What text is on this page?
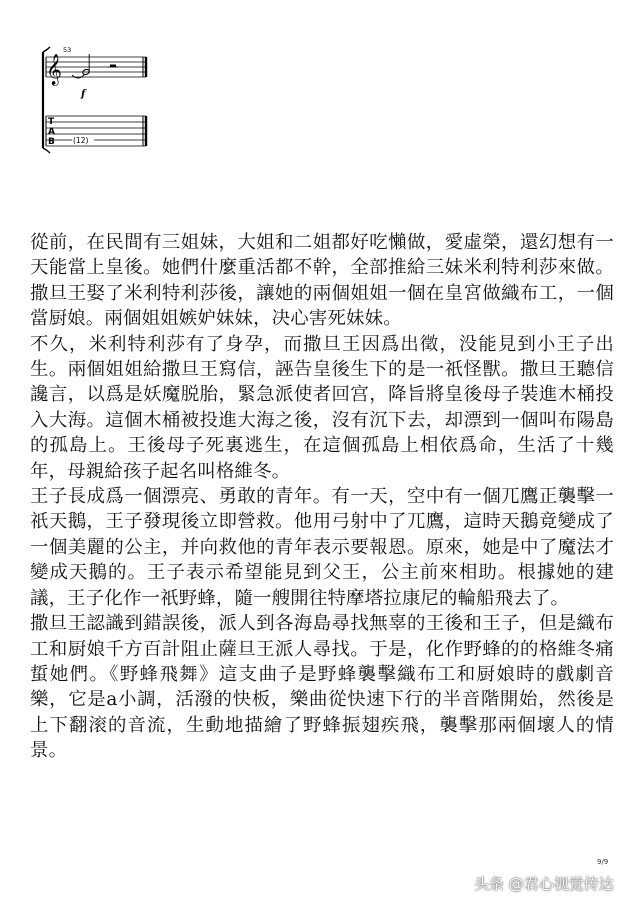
𝄞
53
f
T
A
B (12)

從前，在民間有三姐妹，大姐和二姐都好吃懶做，愛虛榮，還幻想有一天能當上皇後。她們什麼重活都不幹，全部推給三妹米利特利莎來做。撒旦王娶了米利特利莎後，讓她的兩個姐姐一個在皇宮做織布工，一個當厨娘。兩個姐姐嫉妒妹妹，决心害死妹妹。

不久，米利特利莎有了身孕，而撒旦王因爲出徵，没能見到小王子出生。兩個姐姐給撒旦王寫信，誣告皇後生下的是一祇怪獸。撒旦王聽信讒言，以爲是妖魔脱胎，緊急派使者回宫，降旨將皇後母子裝進木桶投入大海。這個木桶被投進大海之後，沒有沉下去，却漂到一個叫布陽島的孤島上。王後母子死裏逃生，在這個孤島上相依爲命，生活了十幾年，母親給孩子起名叫格維冬。

王子長成爲一個漂亮、勇敢的青年。有一天，空中有一個兀鷹正襲擊一祇天鵝，王子發現後立即營救。他用弓射中了兀鷹，這時天鵝竟變成了一個美麗的公主，并向救他的青年表示要報恩。原來，她是中了魔法才變成天鵝的。王子表示希望能見到父王，公主前來相助。根據她的建議，王子化作一祇野蜂，隨一艘開往特摩塔拉康尼的輪船飛去了。

撒旦王認識到錯誤後，派人到各海島尋找無辜的王後和王子，但是織布工和厨娘千方百計阻止薩旦王派人尋找。于是，化作野蜂的的格維冬痛蜇她們。《野蜂飛舞》這支曲子是野蜂襲擊織布工和厨娘時的戲劇音樂，它是a小調，活潑的快板，樂曲從快速下行的半音階開始，然後是上下翻滚的音流，生動地描繪了野蜂振翅疾飛，襲擊那兩個壞人的情景。

9/9
头条 @君心视觉传达
